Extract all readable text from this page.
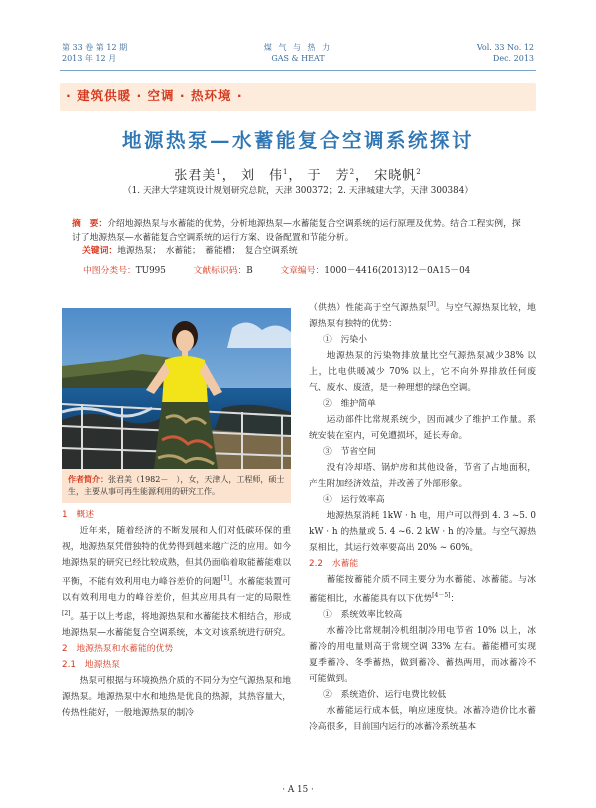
第 33 卷 第 12 期
2013 年 12 月
煤 气 与 热 力
GAS & HEAT
Vol. 33 No. 12
Dec. 2013
· 建筑供暖 · 空调 · 热环境 ·
地源热泵—水蓄能复合空调系统探讨
张君美$^1$， 刘　伟$^1$， 于　芳$^2$， 宋晓帆$^2$
（1. 天津大学建筑设计规划研究总院，天津 300372；2. 天津城建大学，天津 300384）
摘　要：介绍地源热泵与水蓄能的优势，分析地源热泵—水蓄能复合空调系统的运行原理及优势。结合工程实例，探讨了地源热泵—水蓄能复合空调系统的运行方案、设备配置和节能分析。
关键词：地源热泵；　水蓄能；　蓄能槽；　复合空调系统
中图分类号：TU995	文献标识码：B	文章编号：1000－4416(2013)12－0A15－04
作者简介：张君美（1982－　），女，天津人，工程师，硕士生，主要从事可再生能源利用的研究工作。

1　概述

近年来，随着经济的不断发展和人们对低碳环保的重视，地源热泵凭借独特的优势得到越来越广泛的应用。如今地源热泵的研究已经比较成熟，但其仍面临着取能蓄能难以平衡，不能有效利用电力峰谷差价的问题[1]。水蓄能装置可以有效利用电力的峰谷差价，但其应用具有一定的局限性[2]。基于以上考虑，将地源热泵和水蓄能技术相结合，形成地源热泵—水蓄能复合空调系统，本文对该系统进行研究。

2　地源热泵和水蓄能的优势

2.1　地源热泵

热泵可根据与环境换热介质的不同分为空气源热泵和地源热泵。地源热泵中水和地热是优良的热源，其热容量大，传热性能好，一般地源热泵的制冷

（供热）性能高于空气源热泵[3]。与空气源热泵比较，地源热泵有独特的优势：

①　污染小

地源热泵的污染物排放量比空气源热泵减少38% 以上，比电供暖减少 70% 以上，它不向外界排放任何废气、废水、废渣，是一种理想的绿色空调。

②　维护简单

运动部件比常规系统少，因而减少了维护工作量。系统安装在室内，可免遭损坏，延长寿命。

③　节省空间

没有冷却塔、锅炉房和其他设备，节省了占地面积，产生附加经济效益，并改善了外部形象。

④　运行效率高

地源热泵消耗 1kW · h 电，用户可以得到 4. 3 ~5. 0 kW · h 的热量或 5. 4 ~6. 2 kW · h 的冷量。与空气源热泵相比，其运行效率要高出 20% ~ 60%。

2.2　水蓄能

蓄能按蓄能介质不同主要分为水蓄能、冰蓄能。与冰蓄能相比，水蓄能具有以下优势[4－5]：

①　系统效率比较高

水蓄冷比常规制冷机组制冷用电节省 10% 以上，冰蓄冷的用电量则高于常规空调 33% 左右。蓄能槽可实现夏季蓄冷、冬季蓄热，做到蓄冷、蓄热两用，而冰蓄冷不可能做到。

②　系统造价、运行电费比较低

水蓄能运行成本低，响应速度快。冰蓄冷造价比水蓄冷高很多，目前国内运行的冰蓄冷系统基本

· A 15 ·
